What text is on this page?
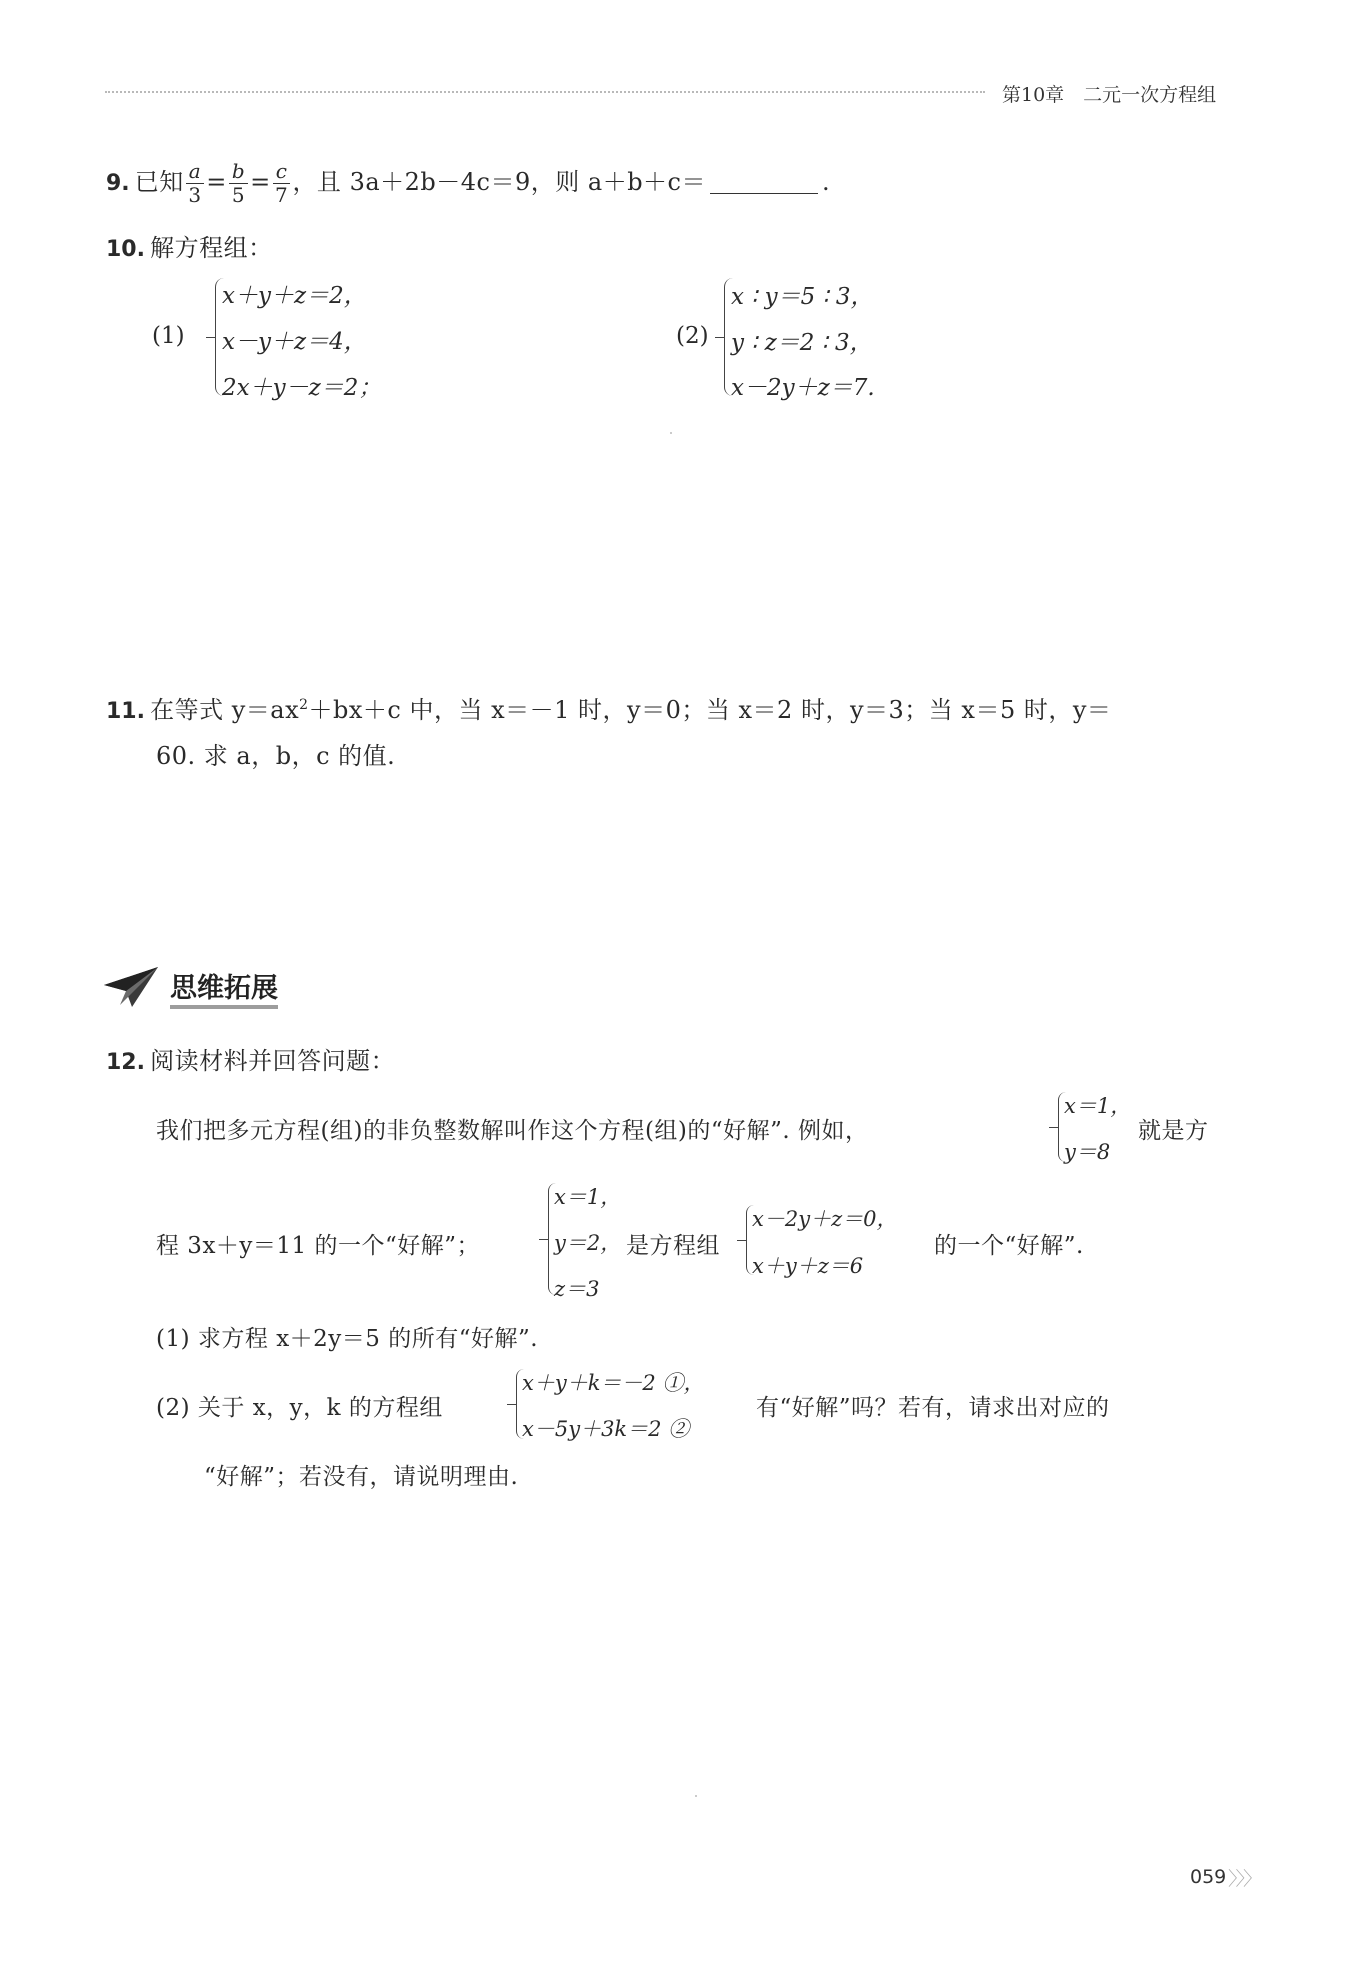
第10章　二元一次方程组
9. 已知 $\frac{a}{3} = \frac{b}{5} = \frac{c}{7}$ ，且 3a＋2b－4c＝9，则 a＋b＋c＝	.
10. 解方程组：
(1)
x＋y＋z＝2，
x－y＋z＝4，
2x＋y－z＝2；
(2)
x ∶ y＝5 ∶ 3，
y ∶ z＝2 ∶ 3，
x－2y＋z＝7.
11. 在等式 $y=ax^2+bx+c$ 中，当 x＝－1 时，y＝0；当 x＝2 时，y＝3；当 x＝5 时，y＝
60. 求 a，b，c 的值.
思维拓展
12. 阅读材料并回答问题：
我们把多元方程(组)的非负整数解叫作这个方程(组)的“好解”. 例如，
x＝1，
y＝8
就是方
程 3x＋y＝11 的一个“好解”；
x＝1，
y＝2，
z＝3
是方程组
x－2y＋z＝0，
x＋y＋z＝6
的一个“好解”.
(1) 求方程 x＋2y＝5 的所有“好解”.
(2) 关于 x，y，k 的方程组
x＋y＋k＝－2 ①，
x－5y＋3k＝2 ②
有“好解”吗？若有，请求出对应的
“好解”；若没有，请说明理由.
059 〉〉〉
